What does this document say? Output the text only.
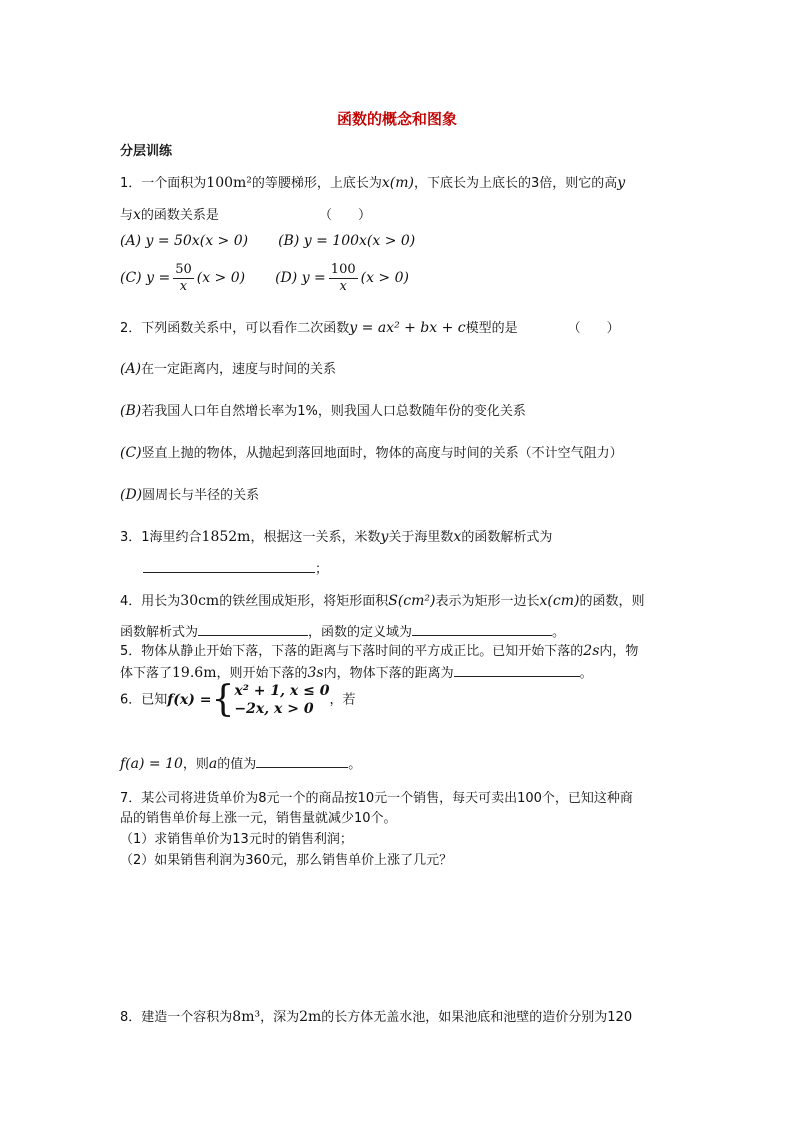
函数的概念和图象
分层训练
1．一个面积为100m²的等腰梯形，上底长为x(m)，下底长为上底长的3倍，则它的高y
与x的函数关系是	（　　）
(A) y = 50x(x > 0) (B) y = 100x(x > 0)
(C) $y = \frac{50}{x} (x > 0)$ (D) $y = \frac{100}{x} (x > 0)$
2．下列函数关系中，可以看作二次函数y = ax² + bx + c模型的是	（　　）
(A)在一定距离内，速度与时间的关系
(B)若我国人口年自然增长率为1%，则我国人口总数随年份的变化关系
(C)竖直上抛的物体，从抛起到落回地面时，物体的高度与时间的关系（不计空气阻力）
(D)圆周长与半径的关系
3．1海里约合1852m，根据这一关系，米数y关于海里数x的函数解析式为
；
4．用长为30cm的铁丝围成矩形，将矩形面积S(cm²)表示为矩形一边长x(cm)的函数，则
函数解析式为	，函数的定义域为	。
5．物体从静止开始下落，下落的距离与下落时间的平方成正比。已知开始下落的2s内，物
体下落了19.6m，则开始下落的3s内，物体下落的距离为	。
6．已知f(x) ={ x² + 1, x ≤ 0
−2x, x > 0
，若
f(a) = 10，则a的值为	。
7．某公司将进货单价为8元一个的商品按10元一个销售，每天可卖出100个，已知这种商
品的销售单价每上涨一元，销售量就减少10个。
（1）求销售单价为13元时的销售利润；
（2）如果销售利润为360元，那么销售单价上涨了几元？
8．建造一个容积为8m³，深为2m的长方体无盖水池，如果池底和池壁的造价分别为120
